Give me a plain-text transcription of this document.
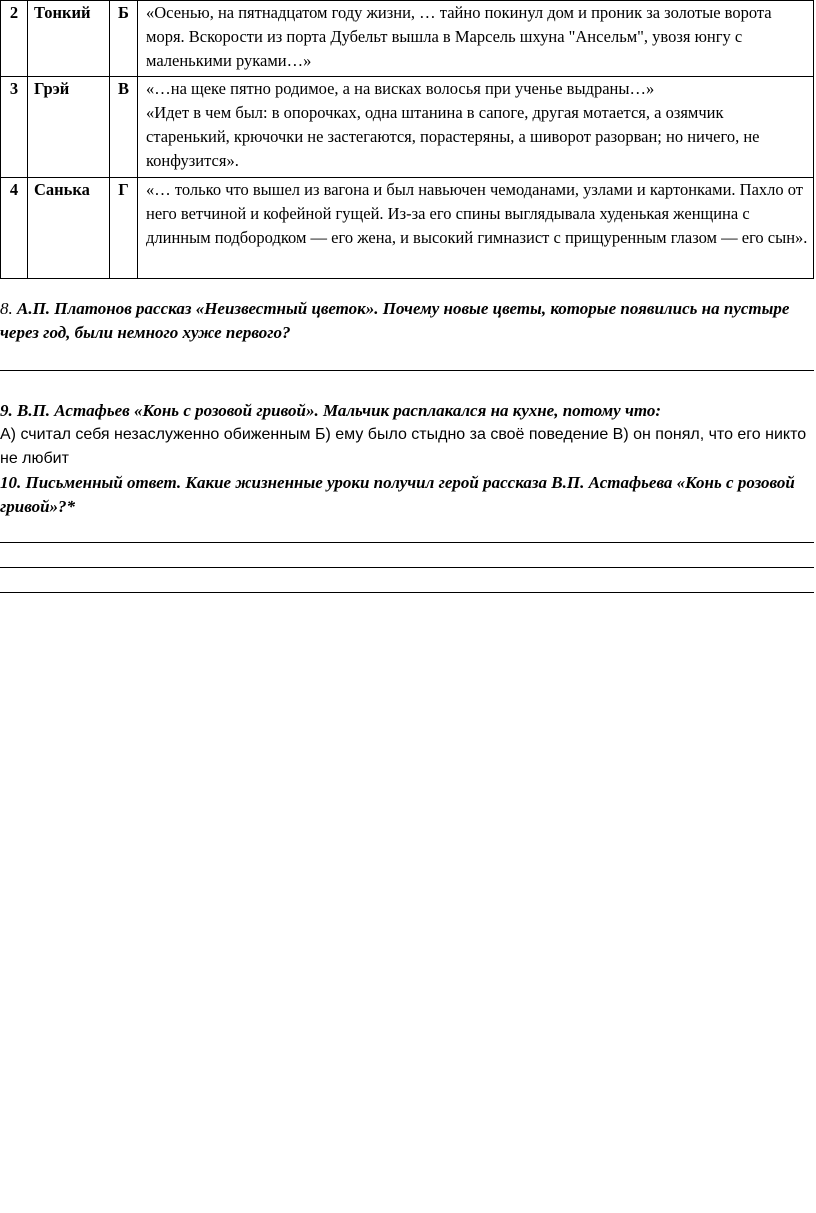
2	Тонкий	Б	«Осенью, на пятнадцатом году жизни, … тайно покинул дом и проник за золотые ворота моря. Вскорости из порта Дубельт вышла в Марсель шхуна "Ансельм", увозя юнгу с маленькими руками…»

3	Грэй	В	«…на щеке пятно родимое, а на висках волосья при ученье выдраны…»
«Идет в чем был: в опорочках, одна штанина в сапоге, другая мотается, а озямчик старенький, крючочки не застегаются, порастеряны, а шиворот разорван; но ничего, не конфузится».

4	Санька	Г	«… только что вышел из вагона и был навьючен чемоданами, узлами и картонками. Пахло от него ветчиной и кофейной гущей. Из-за его спины выглядывала худенькая женщина с длинным подбородком — его жена, и высокий гимназист с прищуренным глазом — его сын».
8. А.П. Платонов рассказ «Неизвестный цветок». Почему новые цветы, которые появились на пустыре через год, были немного хуже первого?
9. В.П. Астафьев «Конь с розовой гривой». Мальчик расплакался на кухне, потому что:
А) считал себя незаслуженно обиженным Б) ему было стыдно за своё поведение В) он понял, что его никто не любит
10. Письменный ответ. Какие жизненные уроки получил герой рассказа В.П. Астафьева «Конь с розовой гривой»?*
